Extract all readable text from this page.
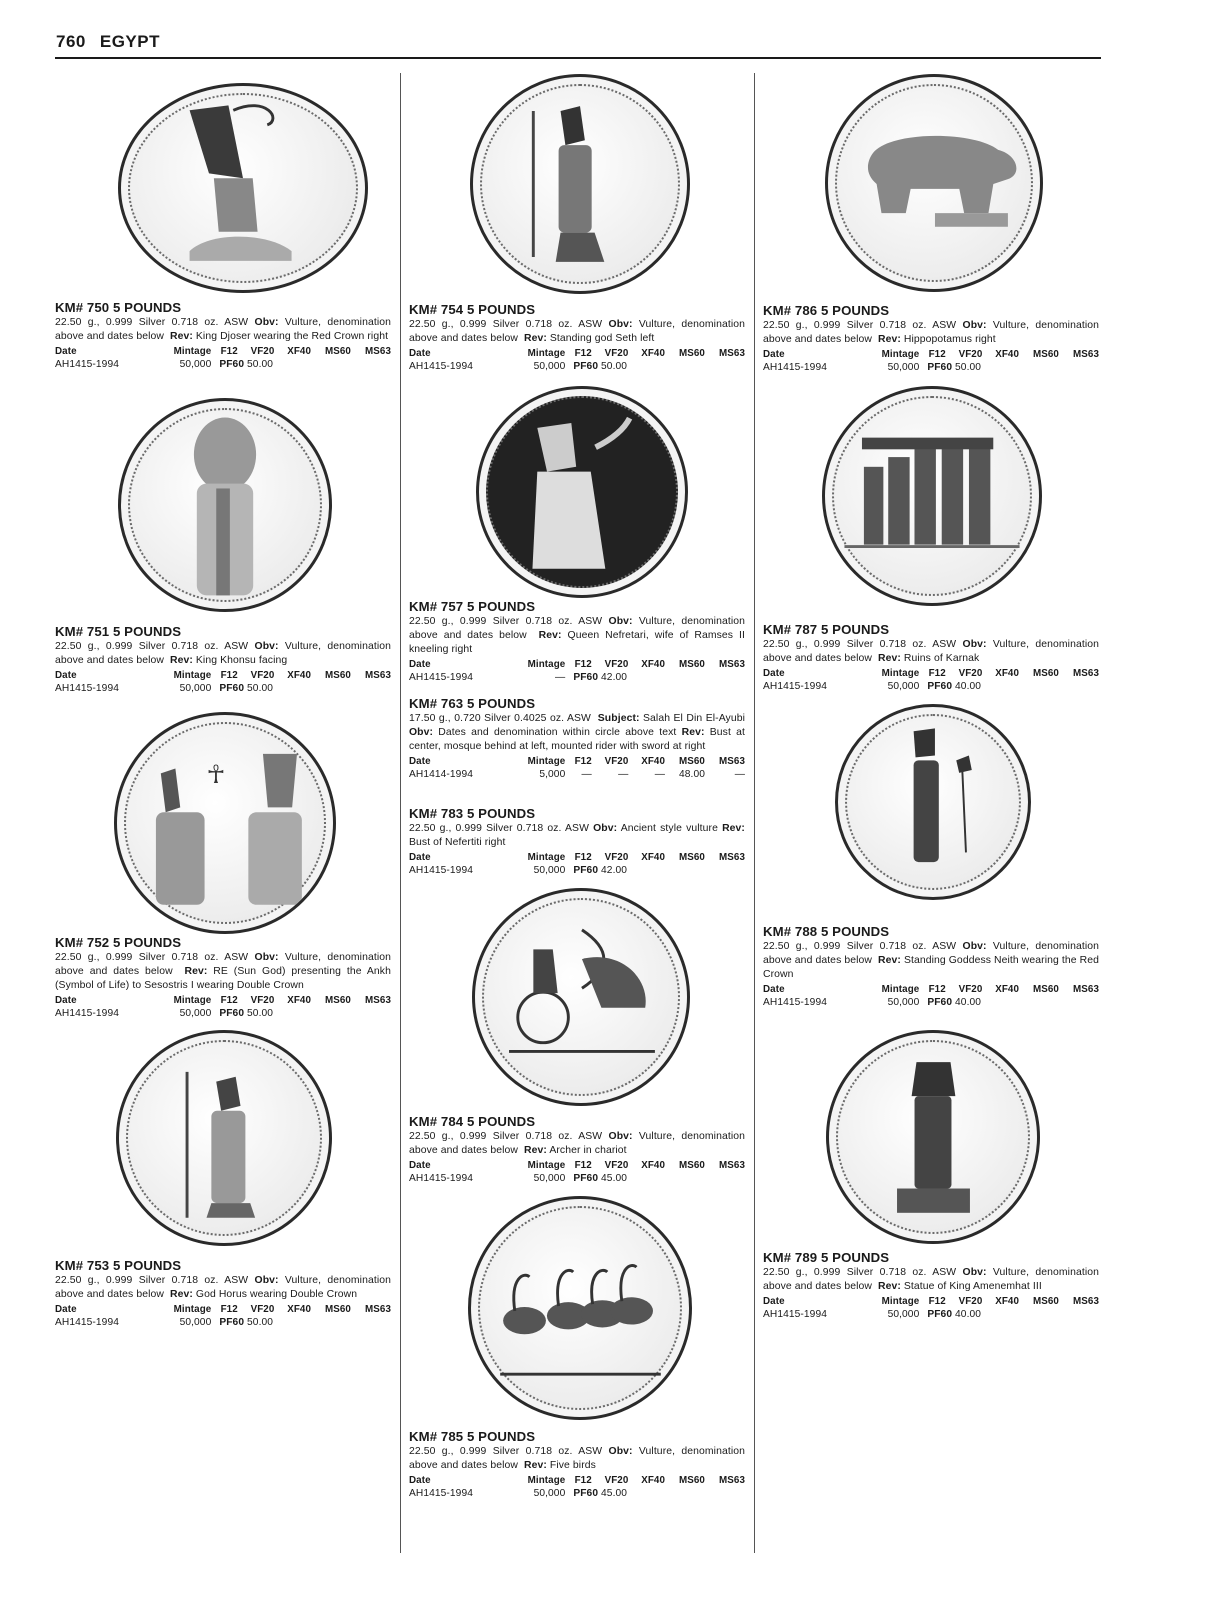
760 EGYPT
☥
KM# 750 5 POUNDS
22.50 g., 0.999 Silver 0.718 oz. ASW Obv: Vulture, denomination above and dates below Rev: King Djoser wearing the Red Crown right
Date	Mintage	F12	VF20	XF40	MS60	MS63
AH1415-1994	50,000	PF60 50.00				
KM# 751 5 POUNDS
22.50 g., 0.999 Silver 0.718 oz. ASW Obv: Vulture, denomination above and dates below Rev: King Khonsu facing
Date	Mintage	F12	VF20	XF40	MS60	MS63
AH1415-1994	50,000	PF60 50.00				
KM# 752 5 POUNDS
22.50 g., 0.999 Silver 0.718 oz. ASW Obv: Vulture, denomination above and dates below Rev: RE (Sun God) presenting the Ankh (Symbol of Life) to Sesostris I wearing Double Crown
Date	Mintage	F12	VF20	XF40	MS60	MS63
AH1415-1994	50,000	PF60 50.00				
KM# 753 5 POUNDS
22.50 g., 0.999 Silver 0.718 oz. ASW Obv: Vulture, denomination above and dates below Rev: God Horus wearing Double Crown
Date	Mintage	F12	VF20	XF40	MS60	MS63
AH1415-1994	50,000	PF60 50.00				
KM# 754 5 POUNDS
22.50 g., 0.999 Silver 0.718 oz. ASW Obv: Vulture, denomination above and dates below Rev: Standing god Seth left
Date	Mintage	F12	VF20	XF40	MS60	MS63
AH1415-1994	50,000	PF60 50.00				
KM# 757 5 POUNDS
22.50 g., 0.999 Silver 0.718 oz. ASW Obv: Vulture, denomination above and dates below Rev: Queen Nefretari, wife of Ramses II kneeling right
Date	Mintage	F12	VF20	XF40	MS60	MS63
AH1415-1994	—	PF60 42.00				
KM# 763 5 POUNDS
17.50 g., 0.720 Silver 0.4025 oz. ASW Subject: Salah El Din El-Ayubi Obv: Dates and denomination within circle above text Rev: Bust at center, mosque behind at left, mounted rider with sword at right
Date	Mintage	F12	VF20	XF40	MS60	MS63
AH1414-1994	5,000	—	—	—	48.00	—
KM# 783 5 POUNDS
22.50 g., 0.999 Silver 0.718 oz. ASW Obv: Ancient style vulture Rev: Bust of Nefertiti right
Date	Mintage	F12	VF20	XF40	MS60	MS63
AH1415-1994	50,000	PF60 42.00				
KM# 784 5 POUNDS
22.50 g., 0.999 Silver 0.718 oz. ASW Obv: Vulture, denomination above and dates below Rev: Archer in chariot
Date	Mintage	F12	VF20	XF40	MS60	MS63
AH1415-1994	50,000	PF60 45.00				
KM# 785 5 POUNDS
22.50 g., 0.999 Silver 0.718 oz. ASW Obv: Vulture, denomination above and dates below Rev: Five birds
Date	Mintage	F12	VF20	XF40	MS60	MS63
AH1415-1994	50,000	PF60 45.00				
KM# 786 5 POUNDS
22.50 g., 0.999 Silver 0.718 oz. ASW Obv: Vulture, denomination above and dates below Rev: Hippopotamus right
Date	Mintage	F12	VF20	XF40	MS60	MS63
AH1415-1994	50,000	PF60 50.00				
KM# 787 5 POUNDS
22.50 g., 0.999 Silver 0.718 oz. ASW Obv: Vulture, denomination above and dates below Rev: Ruins of Karnak
Date	Mintage	F12	VF20	XF40	MS60	MS63
AH1415-1994	50,000	PF60 40.00				
KM# 788 5 POUNDS
22.50 g., 0.999 Silver 0.718 oz. ASW Obv: Vulture, denomination above and dates below Rev: Standing Goddess Neith wearing the Red Crown
Date	Mintage	F12	VF20	XF40	MS60	MS63
AH1415-1994	50,000	PF60 40.00				
KM# 789 5 POUNDS
22.50 g., 0.999 Silver 0.718 oz. ASW Obv: Vulture, denomination above and dates below Rev: Statue of King Amenemhat III
Date	Mintage	F12	VF20	XF40	MS60	MS63
AH1415-1994	50,000	PF60 40.00				
